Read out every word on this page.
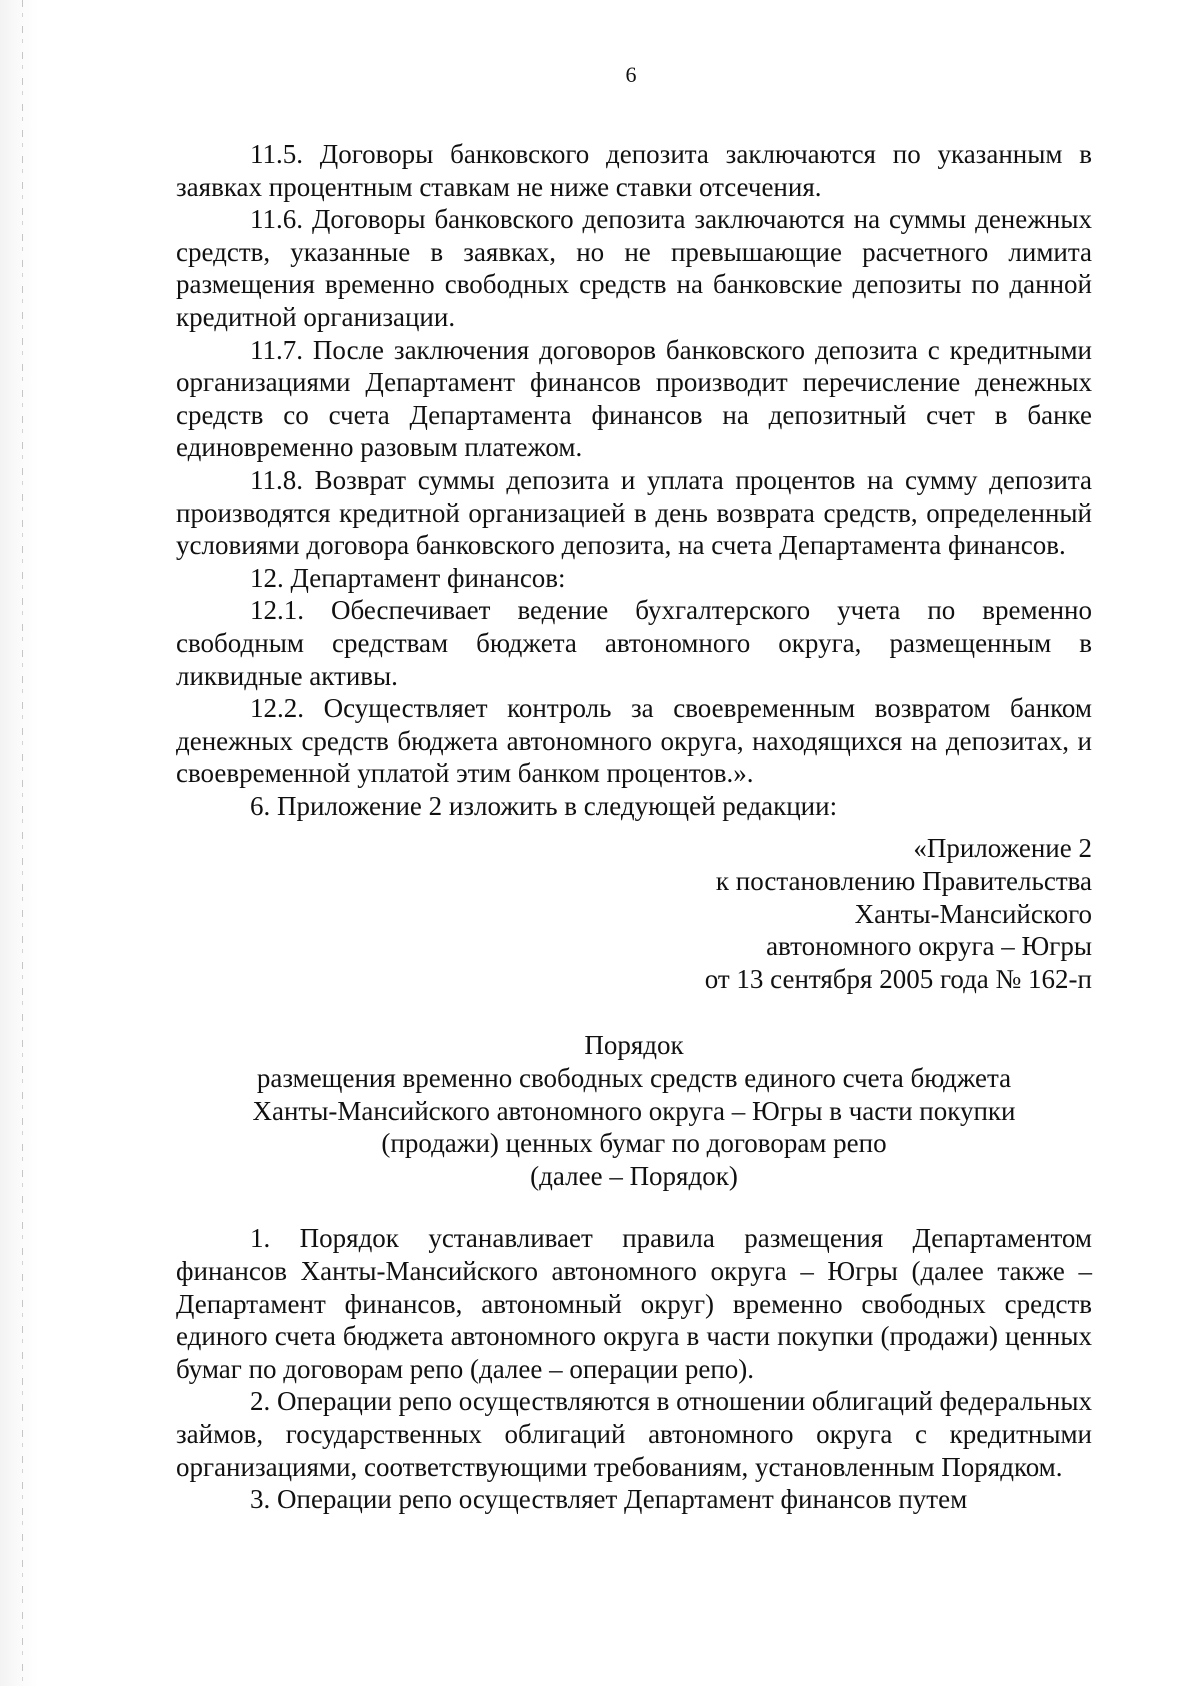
6

11.5. Договоры банковского депозита заключаются по указанным в заявках процентным ставкам не ниже ставки отсечения.

11.6. Договоры банковского депозита заключаются на суммы денежных средств, указанные в заявках, но не превышающие расчетного лимита размещения временно свободных средств на банковские депозиты по данной кредитной организации.

11.7. После заключения договоров банковского депозита с кредитными организациями Департамент финансов производит перечисление денежных средств со счета Департамента финансов на депозитный счет в банке единовременно разовым платежом.

11.8. Возврат суммы депозита и уплата процентов на сумму депозита производятся кредитной организацией в день возврата средств, определенный условиями договора банковского депозита, на счета Департамента финансов.

12. Департамент финансов:

12.1. Обеспечивает ведение бухгалтерского учета по временно свободным средствам бюджета автономного округа, размещенным в ликвидные активы.

12.2. Осуществляет контроль за своевременным возвратом банком денежных средств бюджета автономного округа, находящихся на депозитах, и своевременной уплатой этим банком процентов.».

6. Приложение 2 изложить в следующей редакции:

«Приложение 2
к постановлению Правительства
Ханты-Мансийского
автономного округа – Югры
от 13 сентября 2005 года № 162-п
Порядок
размещения временно свободных средств единого счета бюджета
Ханты-Мансийского автономного округа – Югры в части покупки
(продажи) ценных бумаг по договорам репо
(далее – Порядок)

1. Порядок устанавливает правила размещения Департаментом финансов Ханты-Мансийского автономного округа – Югры (далее также – Департамент финансов, автономный округ) временно свободных средств единого счета бюджета автономного округа в части покупки (продажи) ценных бумаг по договорам репо (далее – операции репо).

2. Операции репо осуществляются в отношении облигаций федеральных займов, государственных облигаций автономного округа с кредитными организациями, соответствующими требованиям, установленным Порядком.

3. Операции репо осуществляет Департамент финансов путем
